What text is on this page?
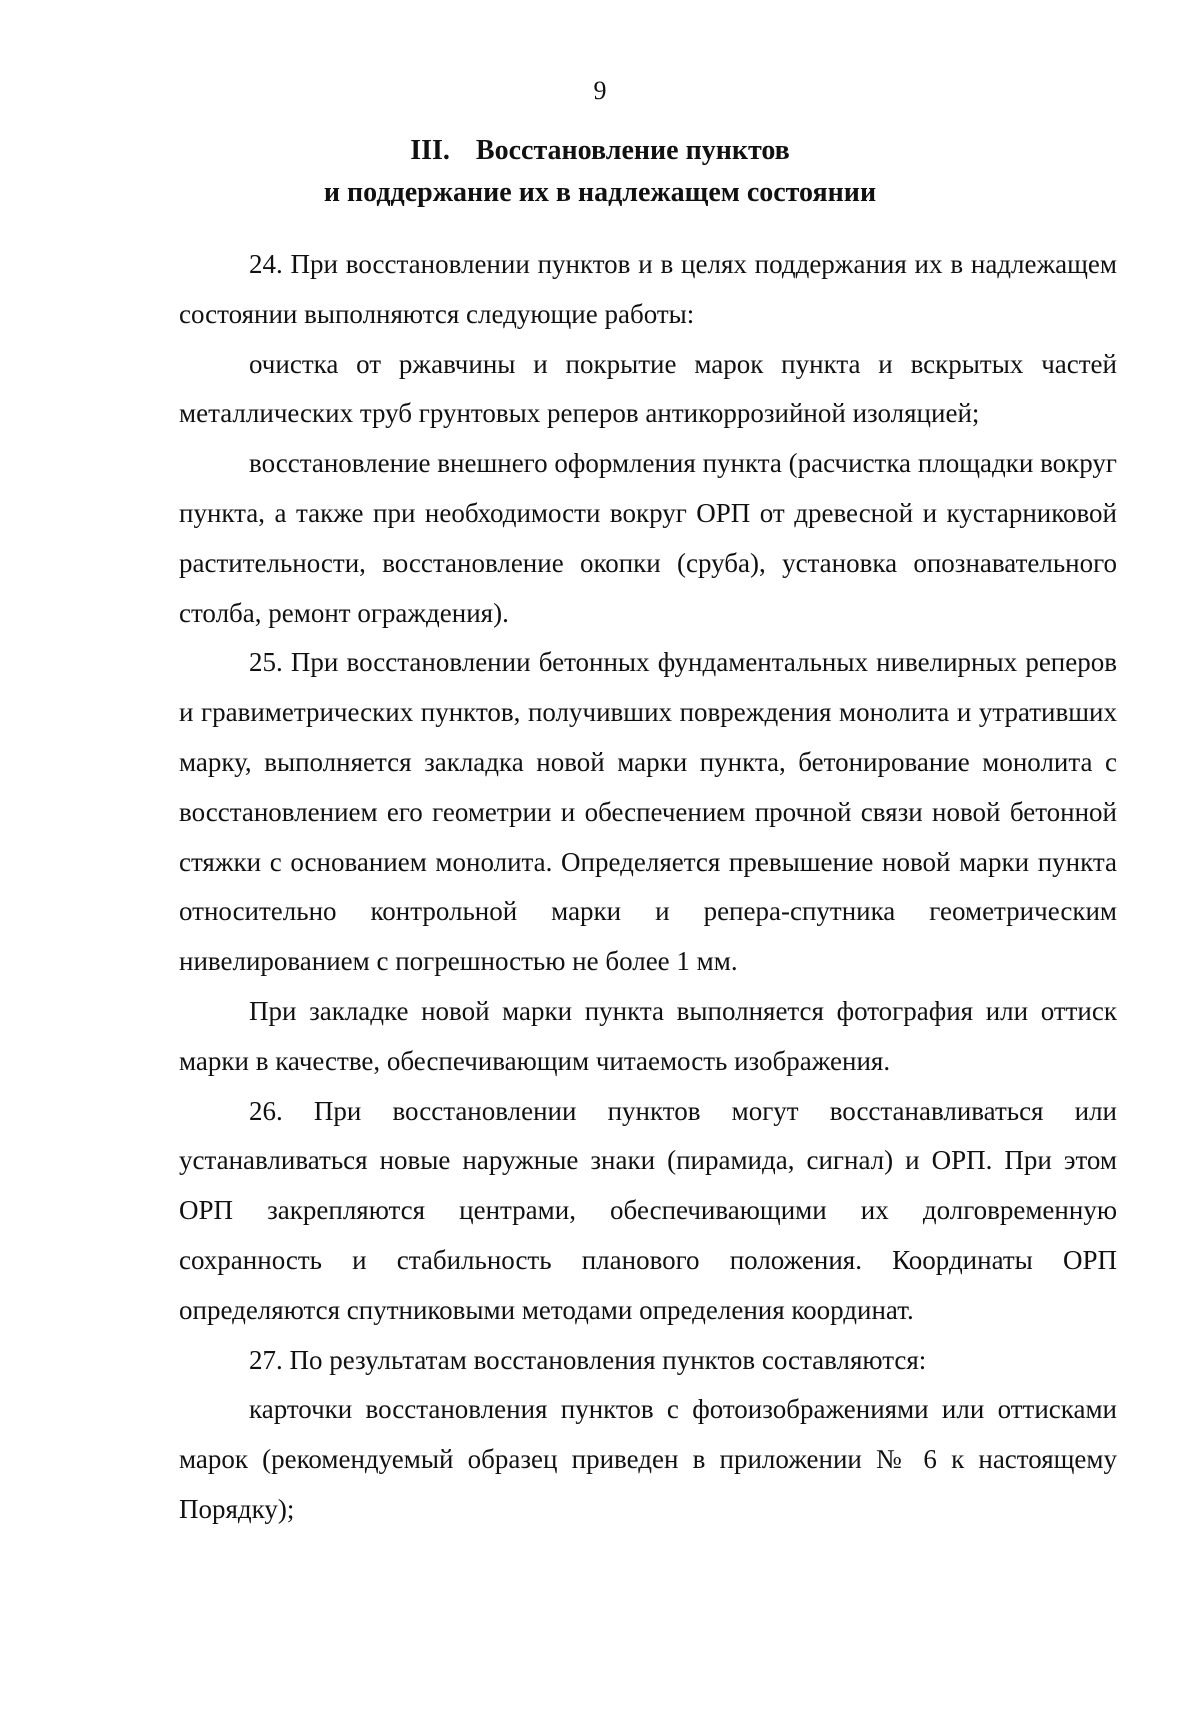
9
III. Восстановление пунктов
и поддержание их в надлежащем состоянии

24. При восстановлении пунктов и в целях поддержания их в надлежащем состоянии выполняются следующие работы:

очистка от ржавчины и покрытие марок пункта и вскрытых частей металлических труб грунтовых реперов антикоррозийной изоляцией;

восстановление внешнего оформления пункта (расчистка площадки вокруг пункта, а также при необходимости вокруг ОРП от древесной и кустарниковой растительности, восстановление окопки (сруба), установка опознавательного столба, ремонт ограждения).

25. При восстановлении бетонных фундаментальных нивелирных реперов и гравиметрических пунктов, получивших повреждения монолита и утративших марку, выполняется закладка новой марки пункта, бетонирование монолита с восстановлением его геометрии и обеспечением прочной связи новой бетонной стяжки с основанием монолита. Определяется превышение новой марки пункта относительно контрольной марки и репера-спутника геометрическим нивелированием с погрешностью не более 1 мм.

При закладке новой марки пункта выполняется фотография или оттиск марки в качестве, обеспечивающим читаемость изображения.

26. При восстановлении пунктов могут восстанавливаться или устанавливаться новые наружные знаки (пирамида, сигнал) и ОРП. При этом ОРП закрепляются центрами, обеспечивающими их долговременную сохранность и стабильность планового положения. Координаты ОРП определяются спутниковыми методами определения координат.

27. По результатам восстановления пунктов составляются:

карточки восстановления пунктов с фотоизображениями или оттисками марок (рекомендуемый образец приведен в приложении № 6 к настоящему Порядку);
